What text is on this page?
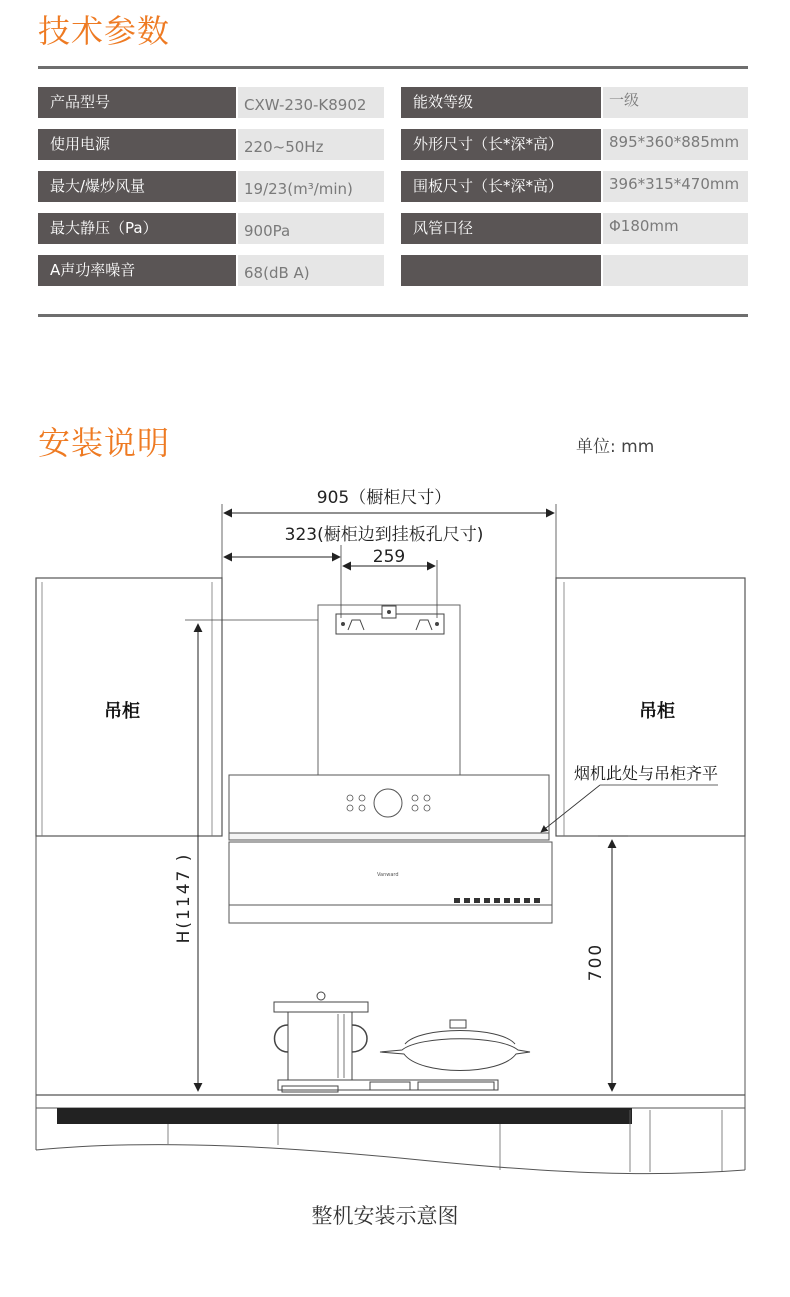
技术参数
产品型号	CXW-230-K8902	能效等级	一级
使用电源	220~50Hz	外形尺寸（长*深*高）	895*360*885mm
最大/爆炒风量	19/23(m³/min)	围板尺寸（长*深*高）	396*315*470mm
最大静压（Pa）	900Pa	风管口径	Φ180mm
A声功率噪音	68(dB A)
安装说明	单位: mm
Vanward
905（橱柜尺寸）
323(橱柜边到挂板孔尺寸)
259
吊柜	吊柜
烟机此处与吊柜齐平
H(1147 )
700
整机安装示意图
